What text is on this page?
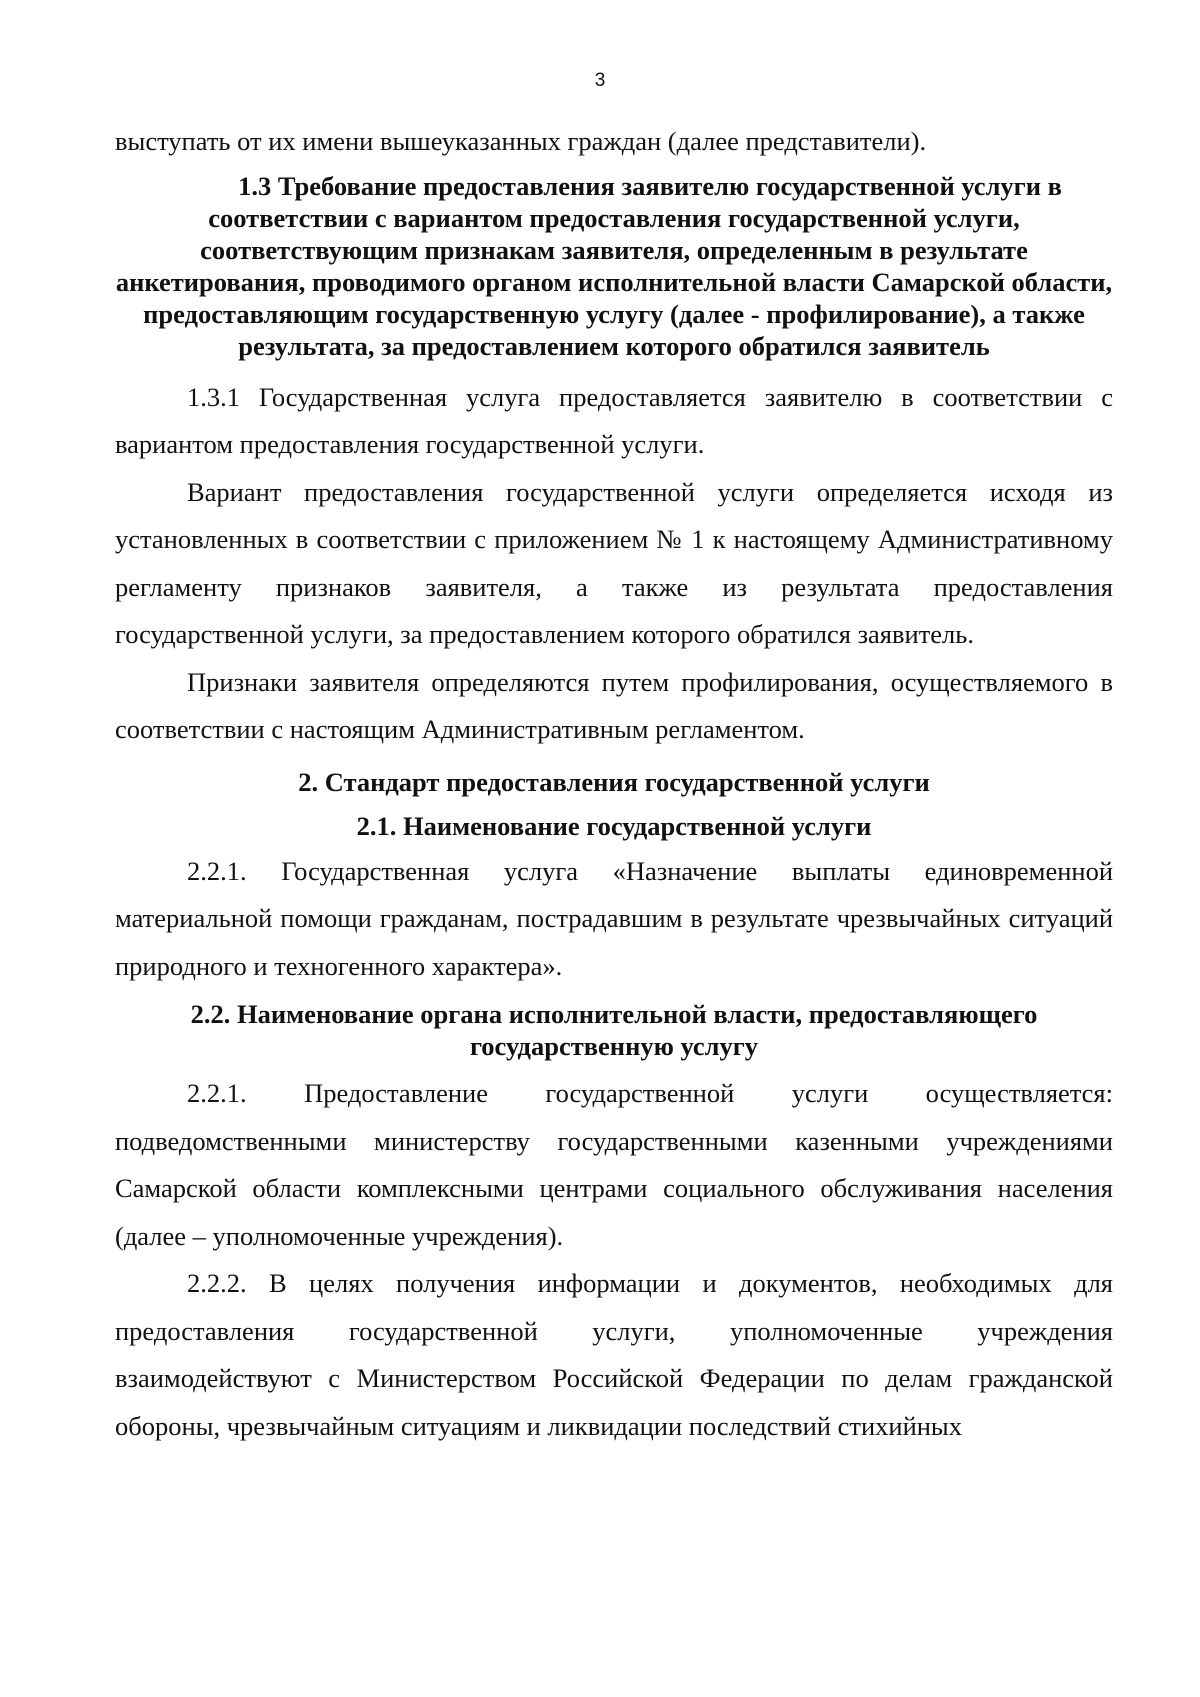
3

выступать от их имени вышеуказанных граждан (далее представители).

1.3 Требование предоставления заявителю государственной услуги в соответствии с вариантом предоставления государственной услуги, соответствующим признакам заявителя, определенным в результате анкетирования, проводимого органом исполнительной власти Самарской области, предоставляющим государственную услугу (далее - профилирование), а также результата, за предоставлением которого обратился заявитель

1.3.1 Государственная услуга предоставляется заявителю в соответствии с вариантом предоставления государственной услуги.

Вариант предоставления государственной услуги определяется исходя из установленных в соответствии с приложением № 1 к настоящему Административному регламенту признаков заявителя, а также из результата предоставления государственной услуги, за предоставлением которого обратился заявитель.

Признаки заявителя определяются путем профилирования, осуществляемого в соответствии с настоящим Административным регламентом.

2. Стандарт предоставления государственной услуги

2.1. Наименование государственной услуги

2.2.1. Государственная услуга «Назначение выплаты единовременной материальной помощи гражданам, пострадавшим в результате чрезвычайных ситуаций природного и техногенного характера».

2.2. Наименование органа исполнительной власти, предоставляющего государственную услугу

2.2.1. Предоставление государственной услуги осуществляется: подведомственными министерству государственными казенными учреждениями Самарской области комплексными центрами социального обслуживания населения (далее – уполномоченные учреждения).

2.2.2. В целях получения информации и документов, необходимых для предоставления государственной услуги, уполномоченные учреждения взаимодействуют с Министерством Российской Федерации по делам гражданской обороны, чрезвычайным ситуациям и ликвидации последствий стихийных
